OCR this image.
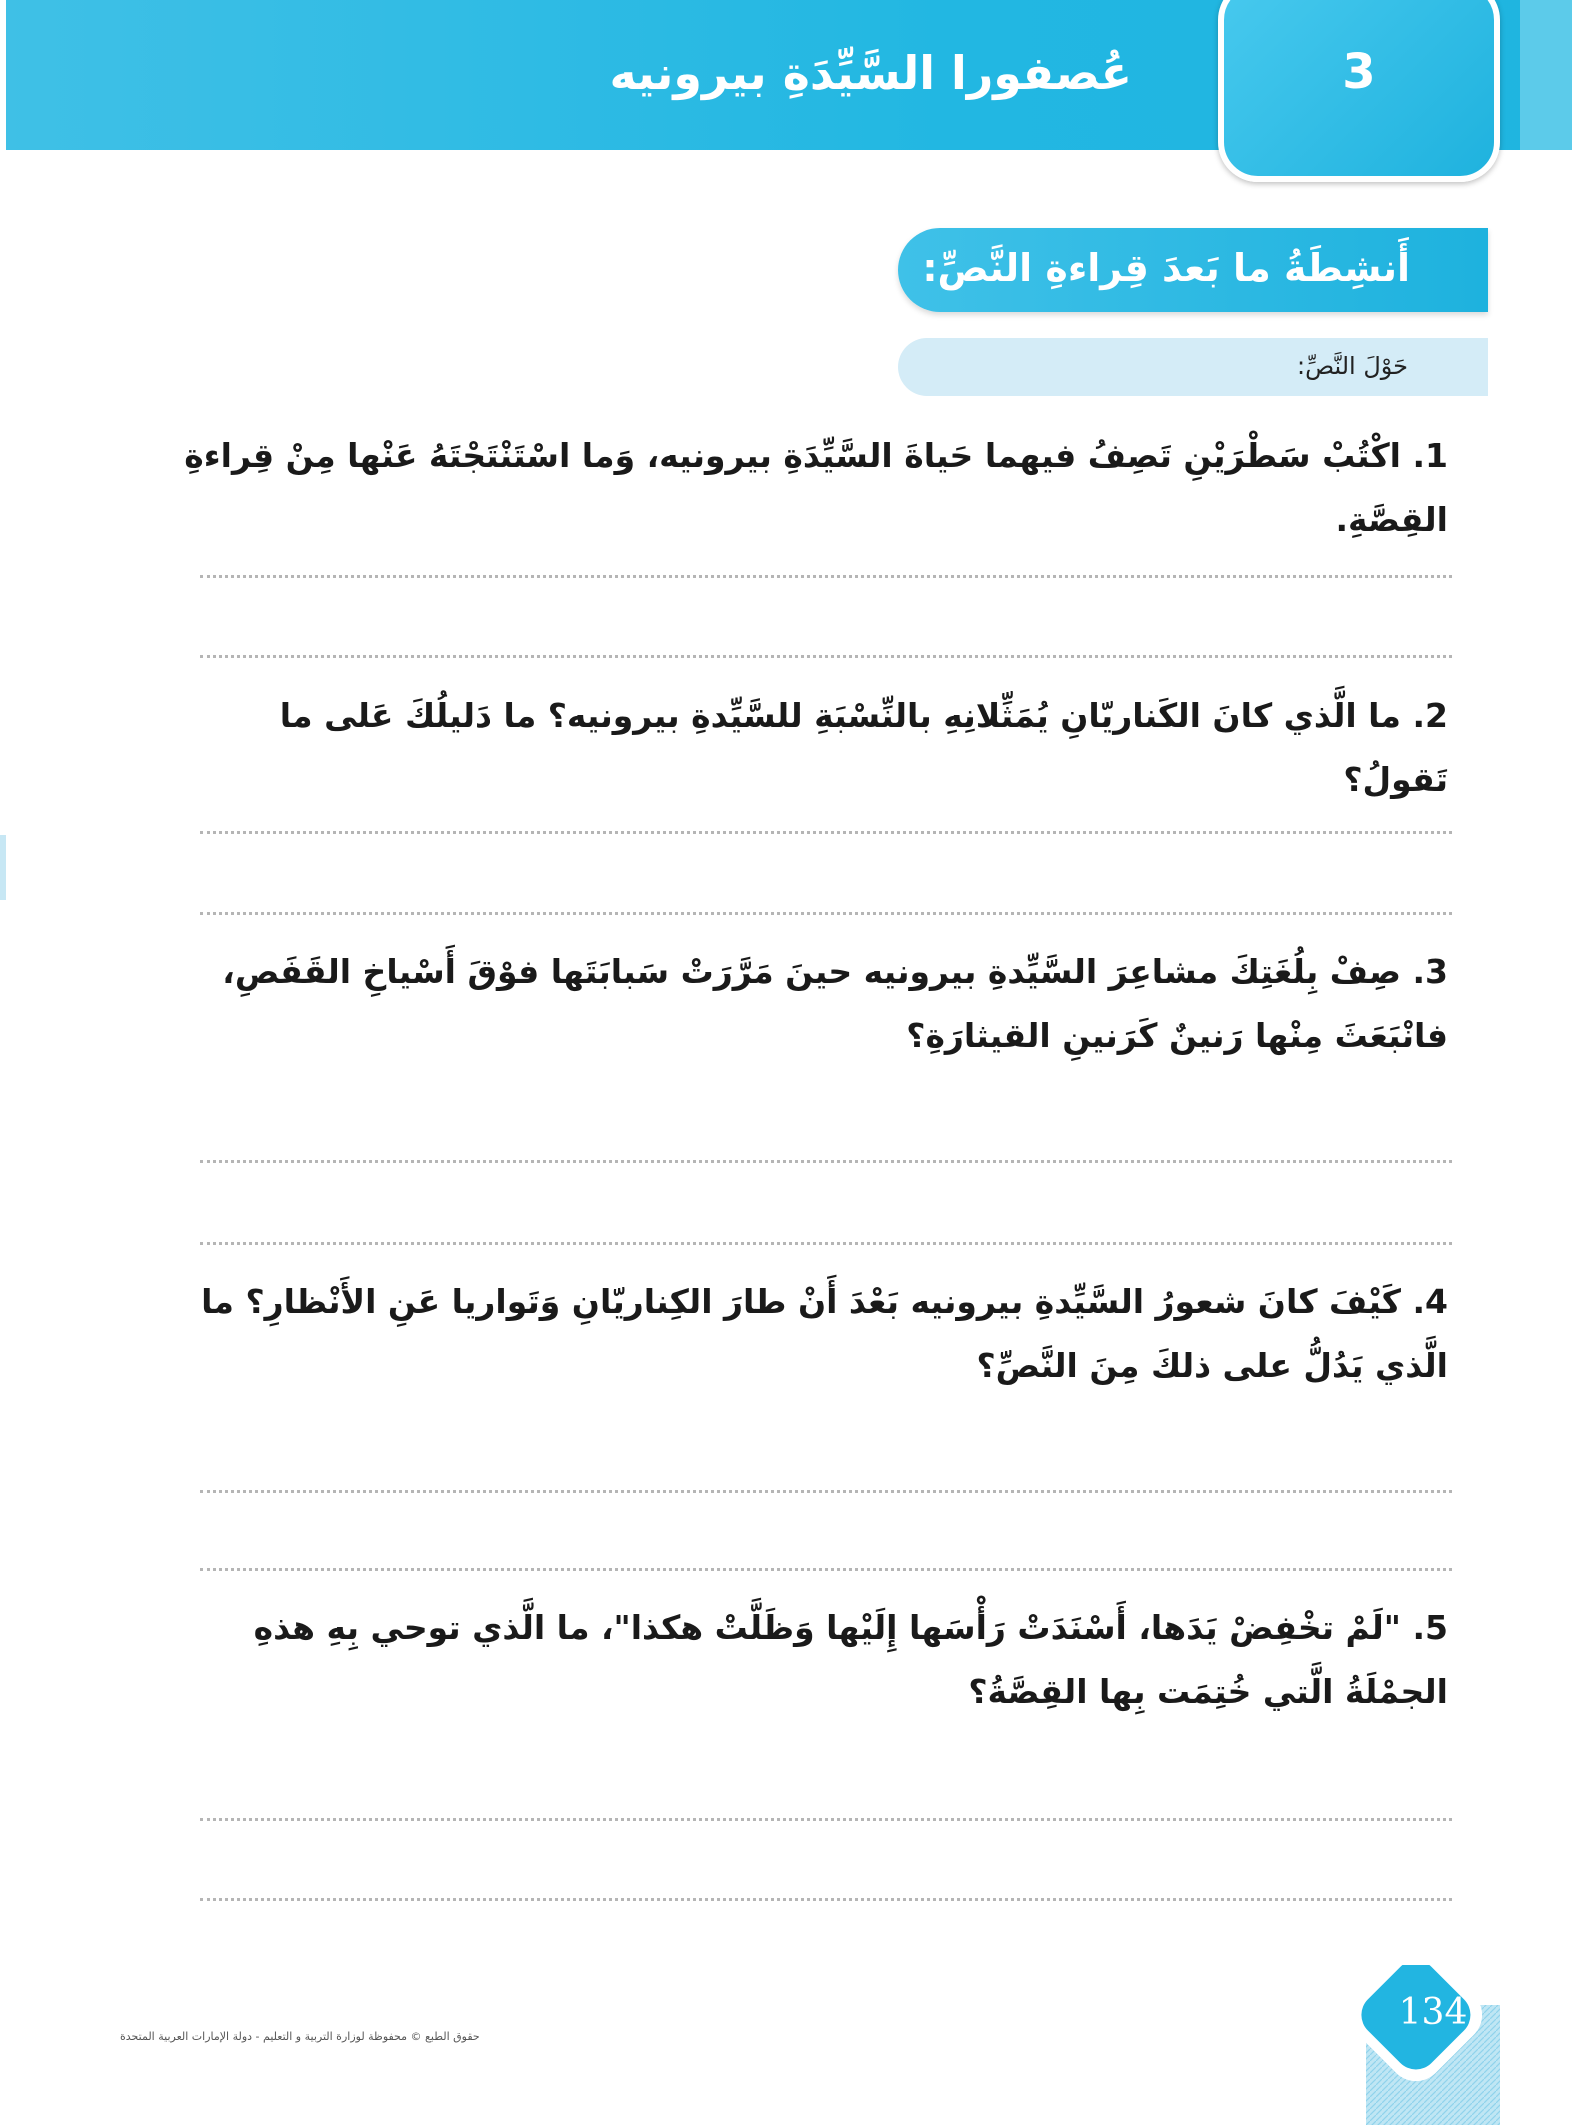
عُصفورا السَّيِّدَةِ بيرونيه	3
أَنشِطَةُ ما بَعدَ قِراءةِ النَّصِّ:
حَوْلَ النَّصِّ:
1. اكْتُبْ سَطْرَيْنِ تَصِفُ فيهما حَياةَ السَّيِّدَةِ بيرونيه، وَما اسْتَنْتَجْتَهُ عَنْها مِنْ قِراءةِ القِصَّةِ.
2. ما الَّذي كانَ الكَناريّانِ يُمَثِّلانِهِ بالنِّسْبَةِ للسَّيِّدةِ بيرونيه؟ ما دَليلُكَ عَلى ما تَقولُ؟
3. صِفْ بِلُغَتِكَ مشاعِرَ السَّيِّدةِ بيرونيه حينَ مَرَّرَتْ سَبابَتَها فوْقَ أَسْياخِ القَفَصِ، فانْبَعَثَ مِنْها رَنينٌ كَرَنينِ القيثارَةِ؟
4. كَيْفَ كانَ شعورُ السَّيِّدةِ بيرونيه بَعْدَ أَنْ طارَ الكِناريّانِ وَتَواريا عَنِ الأَنْظارِ؟ ما الَّذي يَدُلُّ على ذلكَ مِنَ النَّصِّ؟
5. "لَمْ تخْفِضْ يَدَها، أَسْنَدَتْ رَأْسَها إِلَيْها وَظَلَّتْ هكذا"، ما الَّذي توحي بِهِ هذهِ الجمْلَةُ الَّتي خُتِمَت بِها القِصَّةُ؟
134
حقوق الطبع © محفوظة لوزارة التربية و التعليم - دولة الإمارات العربية المتحدة
